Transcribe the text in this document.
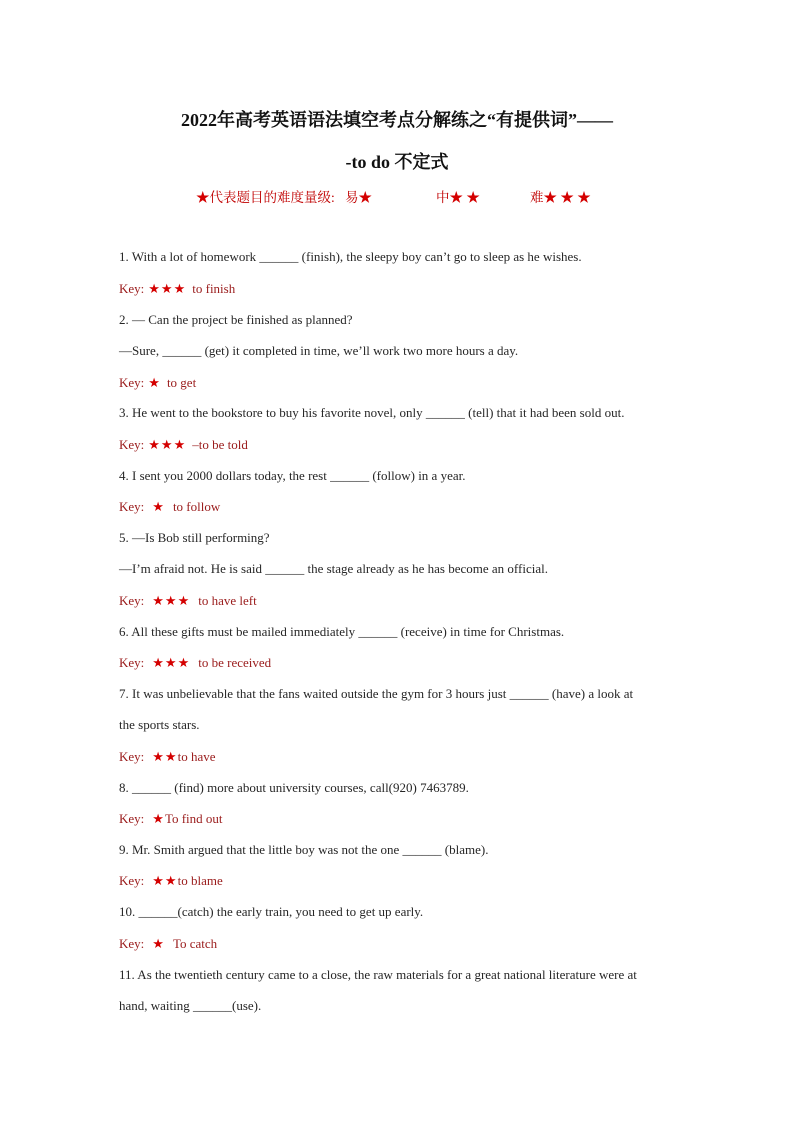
2022年高考英语语法填空考点分解练之“有提供词”——
-to do 不定式
★代表题目的难度量级: 易★	中★ ★	难★ ★ ★
1. With a lot of homework ______ (finish), the sleepy boy can’t go to sleep as he wishes.
Key: ★★★ to finish
2. — Can the project be finished as planned?
—Sure, ______ (get) it completed in time, we’ll work two more hours a day.
Key: ★ to get
3. He went to the bookstore to buy his favorite novel, only ______ (tell) that it had been sold out.
Key: ★★★ –to be told
4. I sent you 2000 dollars today, the rest ______ (follow) in a year.
Key: ★ to follow
5. —Is Bob still performing?
—I’m afraid not. He is said ______ the stage already as he has become an official.
Key: ★★★ to have left
6. All these gifts must be mailed immediately ______ (receive) in time for Christmas.
Key: ★★★ to be received
7. It was unbelievable that the fans waited outside the gym for 3 hours just ______ (have) a look at
the sports stars.
Key: ★★to have
8. ______ (find) more about university courses, call(920) 7463789.
Key: ★To find out
9. Mr. Smith argued that the little boy was not the one ______ (blame).
Key: ★★to blame
10. ______(catch) the early train, you need to get up early.
Key: ★ To catch
11. As the twentieth century came to a close, the raw materials for a great national literature were at
hand, waiting ______(use).
